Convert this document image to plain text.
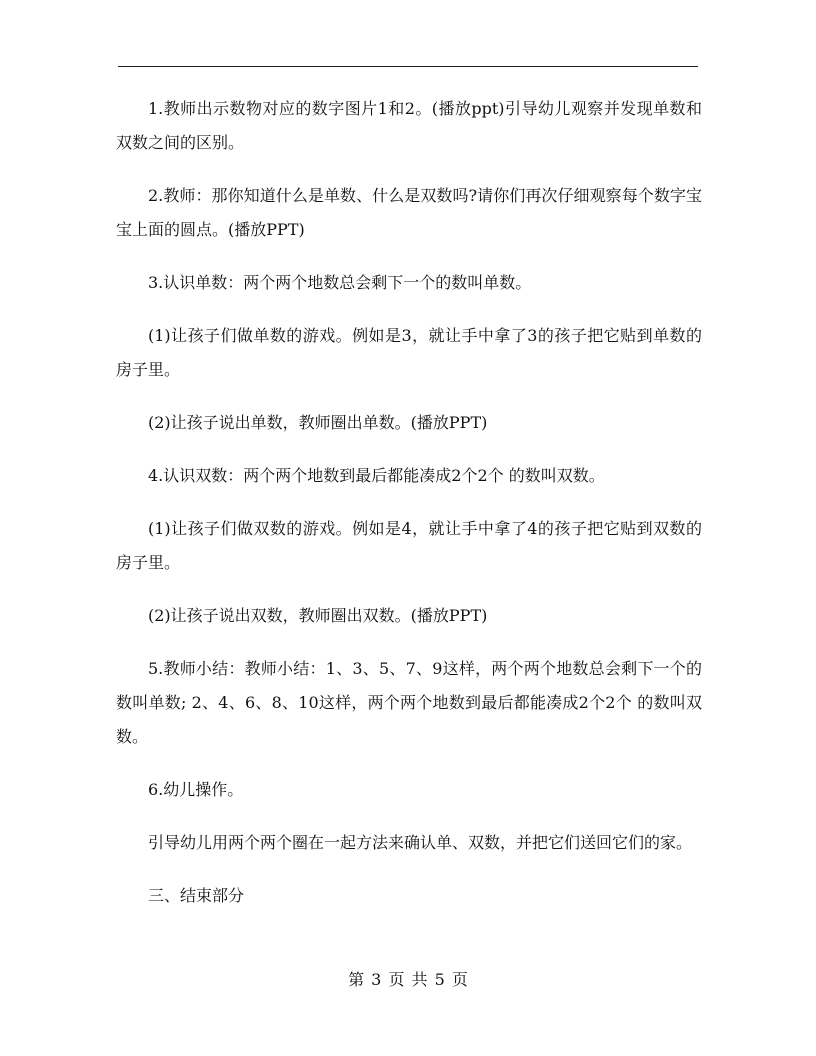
1.教师出示数物对应的数字图片1和2。(播放ppt)引导幼儿观察并发现单数和双数之间的区别。

2.教师：那你知道什么是单数、什么是双数吗?请你们再次仔细观察每个数字宝宝上面的圆点。(播放PPT)

3.认识单数：两个两个地数总会剩下一个的数叫单数。

(1)让孩子们做单数的游戏。例如是3，就让手中拿了3的孩子把它贴到单数的房子里。

(2)让孩子说出单数，教师圈出单数。(播放PPT)

4.认识双数：两个两个地数到最后都能凑成2个2个 的数叫双数。

(1)让孩子们做双数的游戏。例如是4，就让手中拿了4的孩子把它贴到双数的房子里。

(2)让孩子说出双数，教师圈出双数。(播放PPT)

5.教师小结：教师小结：1、3、5、7、9这样，两个两个地数总会剩下一个的数叫单数; 2、4、6、8、10这样，两个两个地数到最后都能凑成2个2个 的数叫双数。

6.幼儿操作。

引导幼儿用两个两个圈在一起方法来确认单、双数，并把它们送回它们的家。

三、结束部分

第 3 页 共 5 页
